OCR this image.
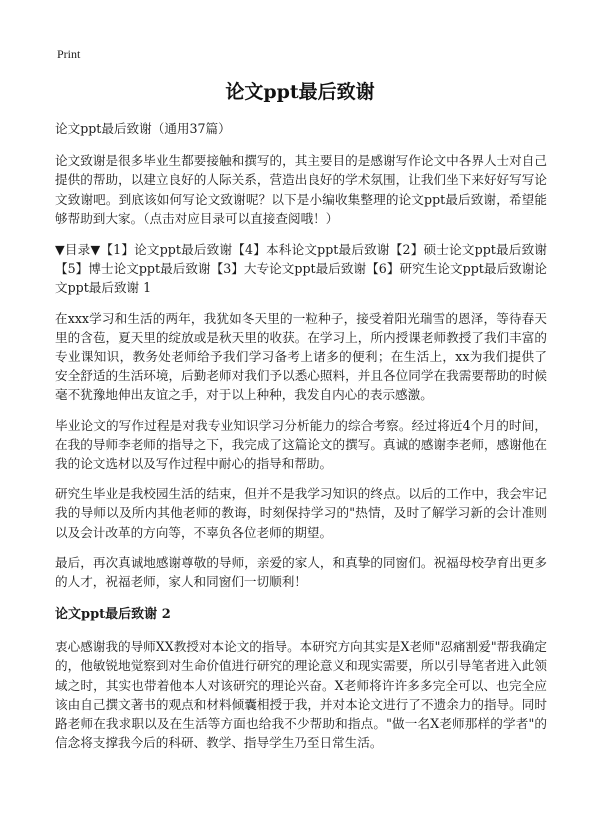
Print
论文ppt最后致谢

论文ppt最后致谢（通用37篇）

论文致谢是很多毕业生都要接触和撰写的，其主要目的是感谢写作论文中各界人士对自己提供的帮助，以建立良好的人际关系，营造出良好的学术氛围，让我们坐下来好好写写论文致谢吧。到底该如何写论文致谢呢？以下是小编收集整理的论文ppt最后致谢，希望能够帮助到大家。（点击对应目录可以直接查阅哦！）

▼目录▼【1】论文ppt最后致谢【4】本科论文ppt最后致谢【2】硕士论文ppt最后致谢【5】博士论文ppt最后致谢【3】大专论文ppt最后致谢【6】研究生论文ppt最后致谢论文ppt最后致谢 1

在xxx学习和生活的两年，我犹如冬天里的一粒种子，接受着阳光瑞雪的恩泽，等待春天里的含苞，夏天里的绽放或是秋天里的收获。在学习上，所内授课老师教授了我们丰富的专业课知识，教务处老师给予我们学习备考上诸多的便利；在生活上，xx为我们提供了安全舒适的生活环境，后勤老师对我们予以悉心照料，并且各位同学在我需要帮助的时候毫不犹豫地伸出友谊之手，对于以上种种，我发自内心的表示感激。

毕业论文的写作过程是对我专业知识学习分析能力的综合考察。经过将近4个月的时间，在我的导师李老师的指导之下，我完成了这篇论文的撰写。真诚的感谢李老师，感谢他在我的论文选材以及写作过程中耐心的指导和帮助。

研究生毕业是我校园生活的结束，但并不是我学习知识的终点。以后的工作中，我会牢记我的导师以及所内其他老师的教诲，时刻保持学习的"热情，及时了解学习新的会计准则以及会计改革的方向等，不辜负各位老师的期望。

最后，再次真诚地感谢尊敬的导师，亲爱的家人，和真挚的同窗们。祝福母校孕育出更多的人才，祝福老师，家人和同窗们一切顺利！

论文ppt最后致谢 2

衷心感谢我的导师XX教授对本论文的指导。本研究方向其实是X老师"忍痛割爱"帮我确定的，他敏锐地觉察到对生命价值进行研究的理论意义和现实需要，所以引导笔者进入此领域之时，其实也带着他本人对该研究的理论兴奋。X老师将许许多多完全可以、也完全应该由自己撰文著书的观点和材料倾囊相授于我，并对本论文进行了不遗余力的指导。同时路老师在我求职以及在生活等方面也给我不少帮助和指点。"做一名X老师那样的学者"的信念将支撑我今后的科研、教学、指导学生乃至日常生活。
